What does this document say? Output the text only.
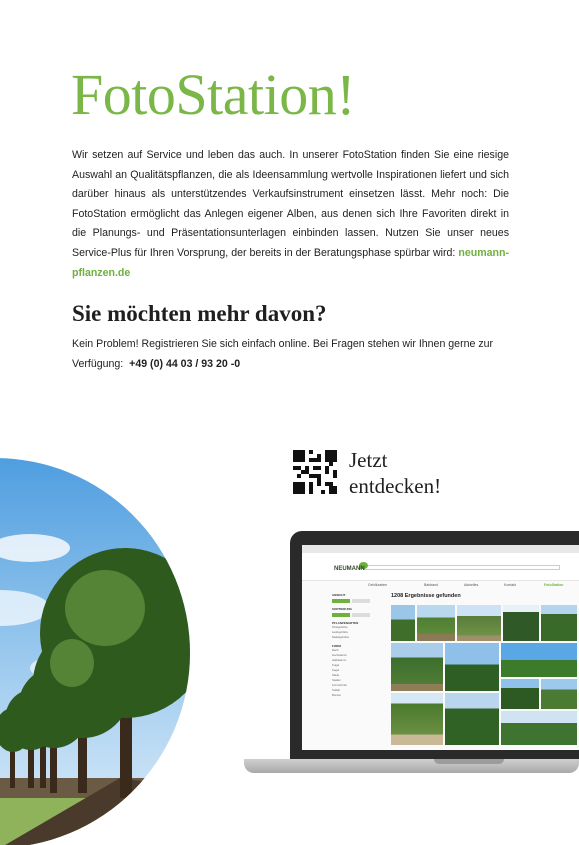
FotoStation!

Wir setzen auf Service und leben das auch. In unserer FotoStation finden Sie eine riesige Auswahl an Qualitätspflanzen, die als Ideensammlung wertvolle Inspirationen liefert und sich darüber hinaus als unterstützendes Verkaufsinstrument einsetzen lässt. Mehr noch: Die FotoStation ermöglicht das Anlegen eigener Alben, aus denen sich Ihre Favoriten direkt in die Planungs- und Präsentationsunterlagen einbinden lassen. Nutzen Sie unser neues Service-Plus für Ihren Vorsprung, der bereits in der Beratungsphase spürbar wird: neumann-pflanzen.de

Sie möchten mehr davon?

Kein Problem! Registrieren Sie sich einfach online. Bei Fragen stehen wir Ihnen gerne zur Verfügung: +49 (0) 44 03 / 93 20 -0

Jetzt
entdecken!
NEUMANN
Gehölzarten	Baldrand	Aktuelles	Kontakt	FotoStation
ANSICHT
SORTIERUNG
PFLANZENARTEN
Obstgehölze
Laubgehölze
Nadelgehölze
FORM
Dach
Hochstamm
Halbstamm
Kugel
Kegel
Säule
Spalier
Formschnitt
Solitär
Bonsai
1208 Ergebnisse gefunden
